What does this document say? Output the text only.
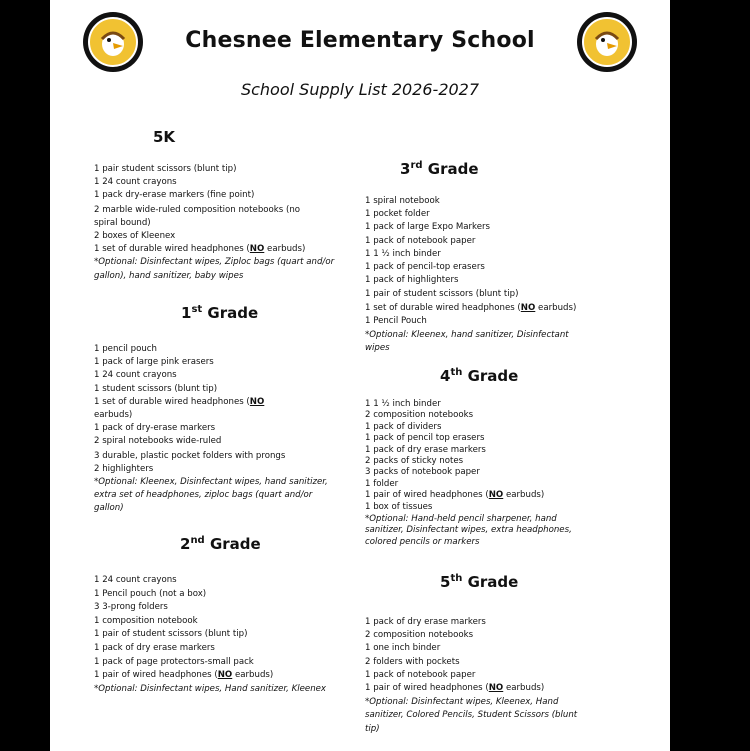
Chesnee Elementary School
School Supply List 2026-2027
5K
1 pair student scissors (blunt tip)
1 24 count crayons
1 pack dry-erase markers (fine point)
2 marble wide-ruled composition notebooks (no
spiral bound)
2 boxes of Kleenex
1 set of durable wired headphones (NO earbuds)
*Optional: Disinfectant wipes, Ziploc bags (quart and/or
gallon), hand sanitizer, baby wipes
1st Grade
1 pencil pouch
1 pack of large pink erasers
1 24 count crayons
1 student scissors (blunt tip)
1 set of durable wired headphones (NO
earbuds)
1 pack of dry-erase markers
2 spiral notebooks wide-ruled
3 durable, plastic pocket folders with prongs
2 highlighters
*Optional: Kleenex, Disinfectant wipes, hand sanitizer,
extra set of headphones, ziploc bags (quart and/or
gallon)
2nd Grade
1 24 count crayons
1 Pencil pouch (not a box)
3 3-prong folders
1 composition notebook
1 pair of student scissors (blunt tip)
1 pack of dry erase markers
1 pack of page protectors-small pack
1 pair of wired headphones (NO earbuds)
*Optional: Disinfectant wipes, Hand sanitizer, Kleenex
3rd Grade
1 spiral notebook
1 pocket folder
1 pack of large Expo Markers
1 pack of notebook paper
1 1 ½ inch binder
1 pack of pencil-top erasers
1 pack of highlighters
1 pair of student scissors (blunt tip)
1 set of durable wired headphones (NO earbuds)
1 Pencil Pouch
*Optional: Kleenex, hand sanitizer, Disinfectant
wipes
4th Grade
1 1 ½ inch binder
2 composition notebooks
1 pack of dividers
1 pack of pencil top erasers
1 pack of dry erase markers
2 packs of sticky notes
3 packs of notebook paper
1 folder
1 pair of wired headphones (NO earbuds)
1 box of tissues
*Optional: Hand-held pencil sharpener, hand
sanitizer, Disinfectant wipes, extra headphones,
colored pencils or markers
5th Grade
1 pack of dry erase markers
2 composition notebooks
1 one inch binder
2 folders with pockets
1 pack of notebook paper
1 pair of wired headphones (NO earbuds)
*Optional: Disinfectant wipes, Kleenex, Hand
sanitizer, Colored Pencils, Student Scissors (blunt
tip)
